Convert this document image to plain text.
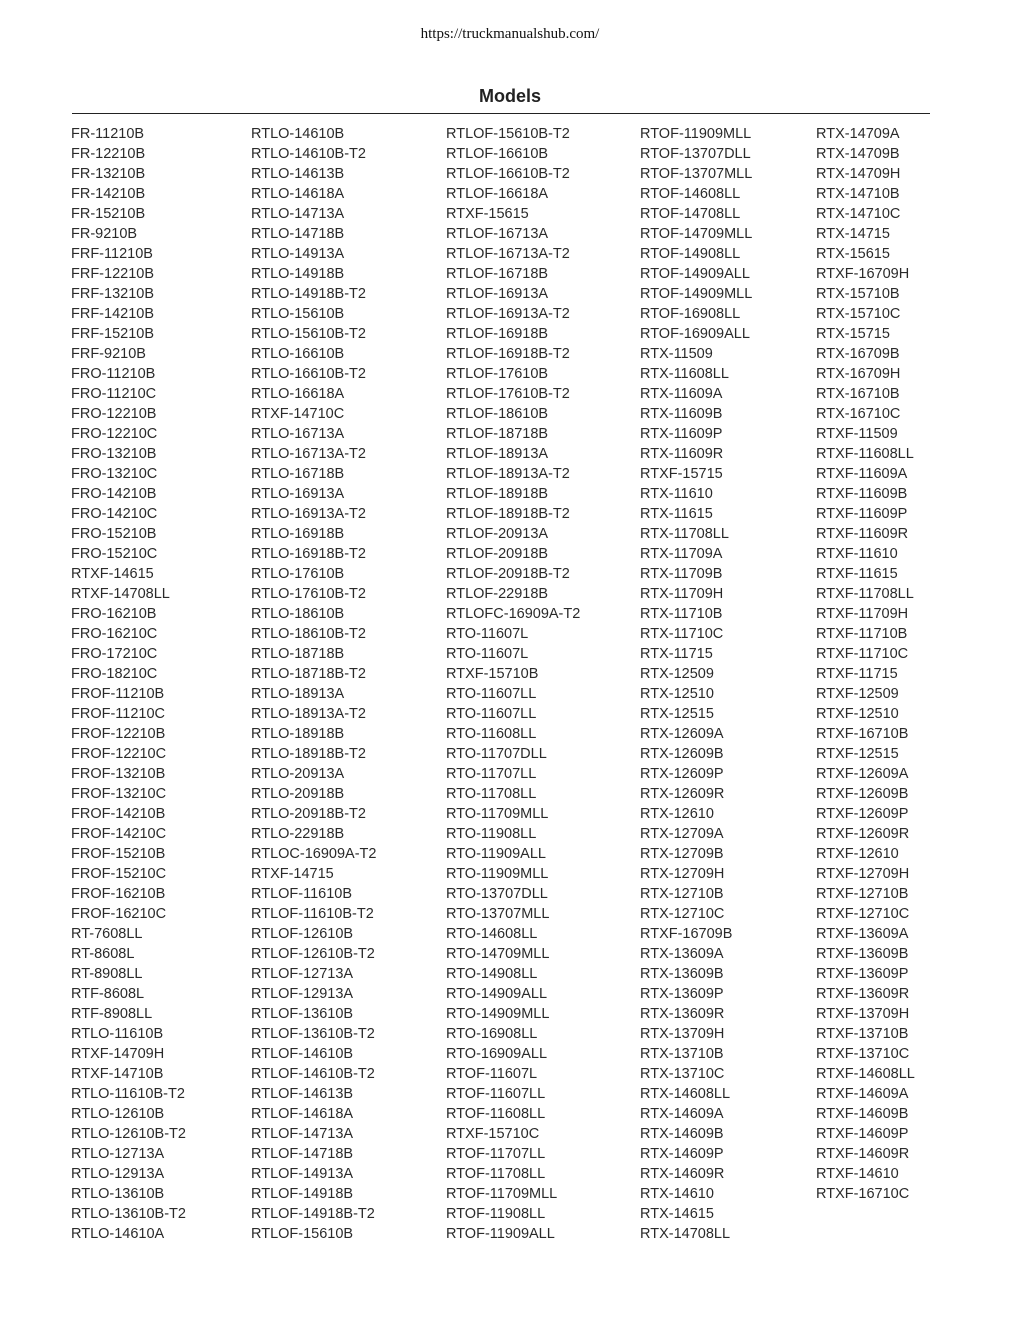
https://truckmanualshub.com/
Models
FR-11210B
FR-12210B
FR-13210B
FR-14210B
FR-15210B
FR-9210B
FRF-11210B
FRF-12210B
FRF-13210B
FRF-14210B
FRF-15210B
FRF-9210B
FRO-11210B
FRO-11210C
FRO-12210B
FRO-12210C
FRO-13210B
FRO-13210C
FRO-14210B
FRO-14210C
FRO-15210B
FRO-15210C
RTXF-14615
RTXF-14708LL
FRO-16210B
FRO-16210C
FRO-17210C
FRO-18210C
FROF-11210B
FROF-11210C
FROF-12210B
FROF-12210C
FROF-13210B
FROF-13210C
FROF-14210B
FROF-14210C
FROF-15210B
FROF-15210C
FROF-16210B
FROF-16210C
RT-7608LL
RT-8608L
RT-8908LL
RTF-8608L
RTF-8908LL
RTLO-11610B
RTXF-14709H
RTXF-14710B
RTLO-11610B-T2
RTLO-12610B
RTLO-12610B-T2
RTLO-12713A
RTLO-12913A
RTLO-13610B
RTLO-13610B-T2
RTLO-14610A
RTLO-14610B
RTLO-14610B-T2
RTLO-14613B
RTLO-14618A
RTLO-14713A
RTLO-14718B
RTLO-14913A
RTLO-14918B
RTLO-14918B-T2
RTLO-15610B
RTLO-15610B-T2
RTLO-16610B
RTLO-16610B-T2
RTLO-16618A
RTXF-14710C
RTLO-16713A
RTLO-16713A-T2
RTLO-16718B
RTLO-16913A
RTLO-16913A-T2
RTLO-16918B
RTLO-16918B-T2
RTLO-17610B
RTLO-17610B-T2
RTLO-18610B
RTLO-18610B-T2
RTLO-18718B
RTLO-18718B-T2
RTLO-18913A
RTLO-18913A-T2
RTLO-18918B
RTLO-18918B-T2
RTLO-20913A
RTLO-20918B
RTLO-20918B-T2
RTLO-22918B
RTLOC-16909A-T2
RTXF-14715
RTLOF-11610B
RTLOF-11610B-T2
RTLOF-12610B
RTLOF-12610B-T2
RTLOF-12713A
RTLOF-12913A
RTLOF-13610B
RTLOF-13610B-T2
RTLOF-14610B
RTLOF-14610B-T2
RTLOF-14613B
RTLOF-14618A
RTLOF-14713A
RTLOF-14718B
RTLOF-14913A
RTLOF-14918B
RTLOF-14918B-T2
RTLOF-15610B
RTLOF-15610B-T2
RTLOF-16610B
RTLOF-16610B-T2
RTLOF-16618A
RTXF-15615
RTLOF-16713A
RTLOF-16713A-T2
RTLOF-16718B
RTLOF-16913A
RTLOF-16913A-T2
RTLOF-16918B
RTLOF-16918B-T2
RTLOF-17610B
RTLOF-17610B-T2
RTLOF-18610B
RTLOF-18718B
RTLOF-18913A
RTLOF-18913A-T2
RTLOF-18918B
RTLOF-18918B-T2
RTLOF-20913A
RTLOF-20918B
RTLOF-20918B-T2
RTLOF-22918B
RTLOFC-16909A-T2
RTO-11607L
RTO-11607L
RTXF-15710B
RTO-11607LL
RTO-11607LL
RTO-11608LL
RTO-11707DLL
RTO-11707LL
RTO-11708LL
RTO-11709MLL
RTO-11908LL
RTO-11909ALL
RTO-11909MLL
RTO-13707DLL
RTO-13707MLL
RTO-14608LL
RTO-14709MLL
RTO-14908LL
RTO-14909ALL
RTO-14909MLL
RTO-16908LL
RTO-16909ALL
RTOF-11607L
RTOF-11607LL
RTOF-11608LL
RTXF-15710C
RTOF-11707LL
RTOF-11708LL
RTOF-11709MLL
RTOF-11908LL
RTOF-11909ALL
RTOF-11909MLL
RTOF-13707DLL
RTOF-13707MLL
RTOF-14608LL
RTOF-14708LL
RTOF-14709MLL
RTOF-14908LL
RTOF-14909ALL
RTOF-14909MLL
RTOF-16908LL
RTOF-16909ALL
RTX-11509
RTX-11608LL
RTX-11609A
RTX-11609B
RTX-11609P
RTX-11609R
RTXF-15715
RTX-11610
RTX-11615
RTX-11708LL
RTX-11709A
RTX-11709B
RTX-11709H
RTX-11710B
RTX-11710C
RTX-11715
RTX-12509
RTX-12510
RTX-12515
RTX-12609A
RTX-12609B
RTX-12609P
RTX-12609R
RTX-12610
RTX-12709A
RTX-12709B
RTX-12709H
RTX-12710B
RTX-12710C
RTXF-16709B
RTX-13609A
RTX-13609B
RTX-13609P
RTX-13609R
RTX-13709H
RTX-13710B
RTX-13710C
RTX-14608LL
RTX-14609A
RTX-14609B
RTX-14609P
RTX-14609R
RTX-14610
RTX-14615
RTX-14708LL
RTX-14709A
RTX-14709B
RTX-14709H
RTX-14710B
RTX-14710C
RTX-14715
RTX-15615
RTXF-16709H
RTX-15710B
RTX-15710C
RTX-15715
RTX-16709B
RTX-16709H
RTX-16710B
RTX-16710C
RTXF-11509
RTXF-11608LL
RTXF-11609A
RTXF-11609B
RTXF-11609P
RTXF-11609R
RTXF-11610
RTXF-11615
RTXF-11708LL
RTXF-11709H
RTXF-11710B
RTXF-11710C
RTXF-11715
RTXF-12509
RTXF-12510
RTXF-16710B
RTXF-12515
RTXF-12609A
RTXF-12609B
RTXF-12609P
RTXF-12609R
RTXF-12610
RTXF-12709H
RTXF-12710B
RTXF-12710C
RTXF-13609A
RTXF-13609B
RTXF-13609P
RTXF-13609R
RTXF-13709H
RTXF-13710B
RTXF-13710C
RTXF-14608LL
RTXF-14609A
RTXF-14609B
RTXF-14609P
RTXF-14609R
RTXF-14610
RTXF-16710C
